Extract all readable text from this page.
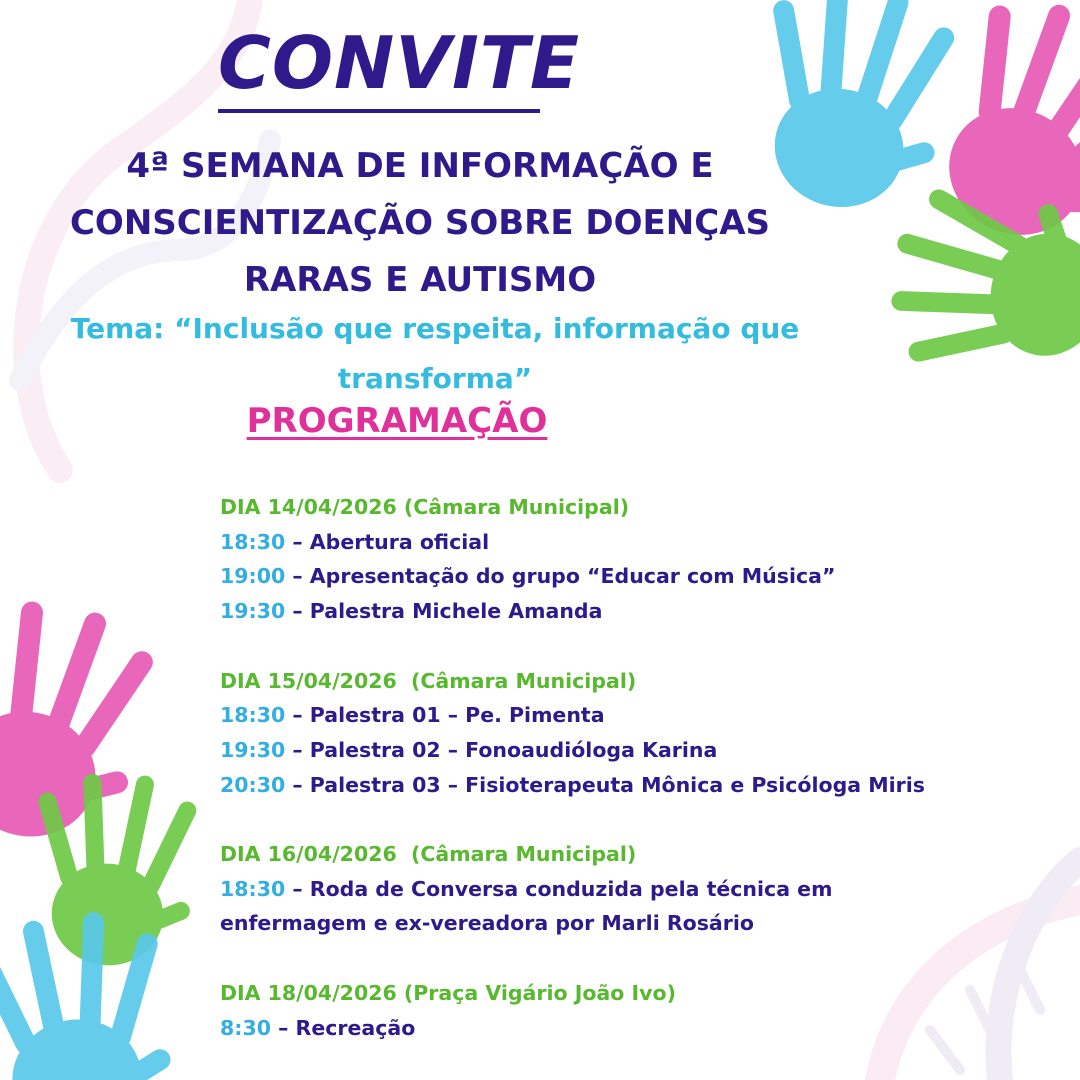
CONVITE
4ª SEMANA DE INFORMAÇÃO E CONSCIENTIZAÇÃO SOBRE DOENÇAS RARAS E AUTISMO
Tema: “Inclusão que respeita, informação que transforma”
PROGRAMAÇÃO
DIA 14/04/2026 (Câmara Municipal)
18:30 – Abertura oficial
19:00 – Apresentação do grupo “Educar com Música”
19:30 – Palestra Michele Amanda
DIA 15/04/2026  (Câmara Municipal)
18:30 – Palestra 01 – Pe. Pimenta
19:30 – Palestra 02 – Fonoaudióloga Karina
20:30 – Palestra 03 – Fisioterapeuta Mônica e Psicóloga Miris
DIA 16/04/2026  (Câmara Municipal)
18:30 – Roda de Conversa conduzida pela técnica em enfermagem e ex-vereadora por Marli Rosário
DIA 18/04/2026 (Praça Vigário João Ivo)
8:30 – Recreação
